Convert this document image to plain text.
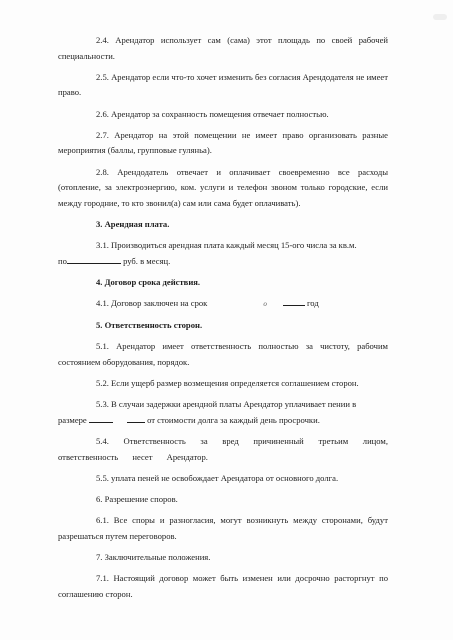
2.4. Арендатор использует сам (сама) этот площадь по своей рабочей специальности.

2.5. Арендатор если что-то хочет изменить без согласия Арендодателя не имеет право.

2.6. Арендатор за сохранность помещения отвечает полностью.

2.7. Арендатор на этой помещении не имеет право организовать разные мероприятия (баллы, групповые гуляньа).

2.8. Арендодатель отвечает и оплачивает своевременно все расходы (отопление, за электроэнергию, ком. услуги и телефон звоном только городские, если между городние, то кто звонил(а) сам или сама будет оплачивать).

3. Арендная плата.

3.1. Производиться арендная плата каждый месяц 15-ого числа за кв.м.

по	руб. в месяц.

4. Договор срока действия.

4.1. Договор заключен на срок	о	год

5. Ответственность сторон.

5.1. Арендатор имеет ответственность полностью за чистоту, рабочим состоянием оборудования, порядок.

5.2. Если ущерб размер возмещения определяется соглашением сторон.

5.3. В случаи задержки арендной платы Арендатор уплачивает пении в

размере	от стоимости долга за каждый день просрочки.

5.4. Ответственность за вред причиненный третьим лицом, ответственность несет Арендатор.

5.5. уплата пеней не освобождает Арендатора от основного долга.

6. Разрешение споров.

6.1. Все споры и разногласия, могут возникнуть между сторонами, будут разрешаться путем переговоров.

7. Заключительные положения.

7.1. Настоящий договор может быть изменен или досрочно расторгнут по соглашению сторон.
